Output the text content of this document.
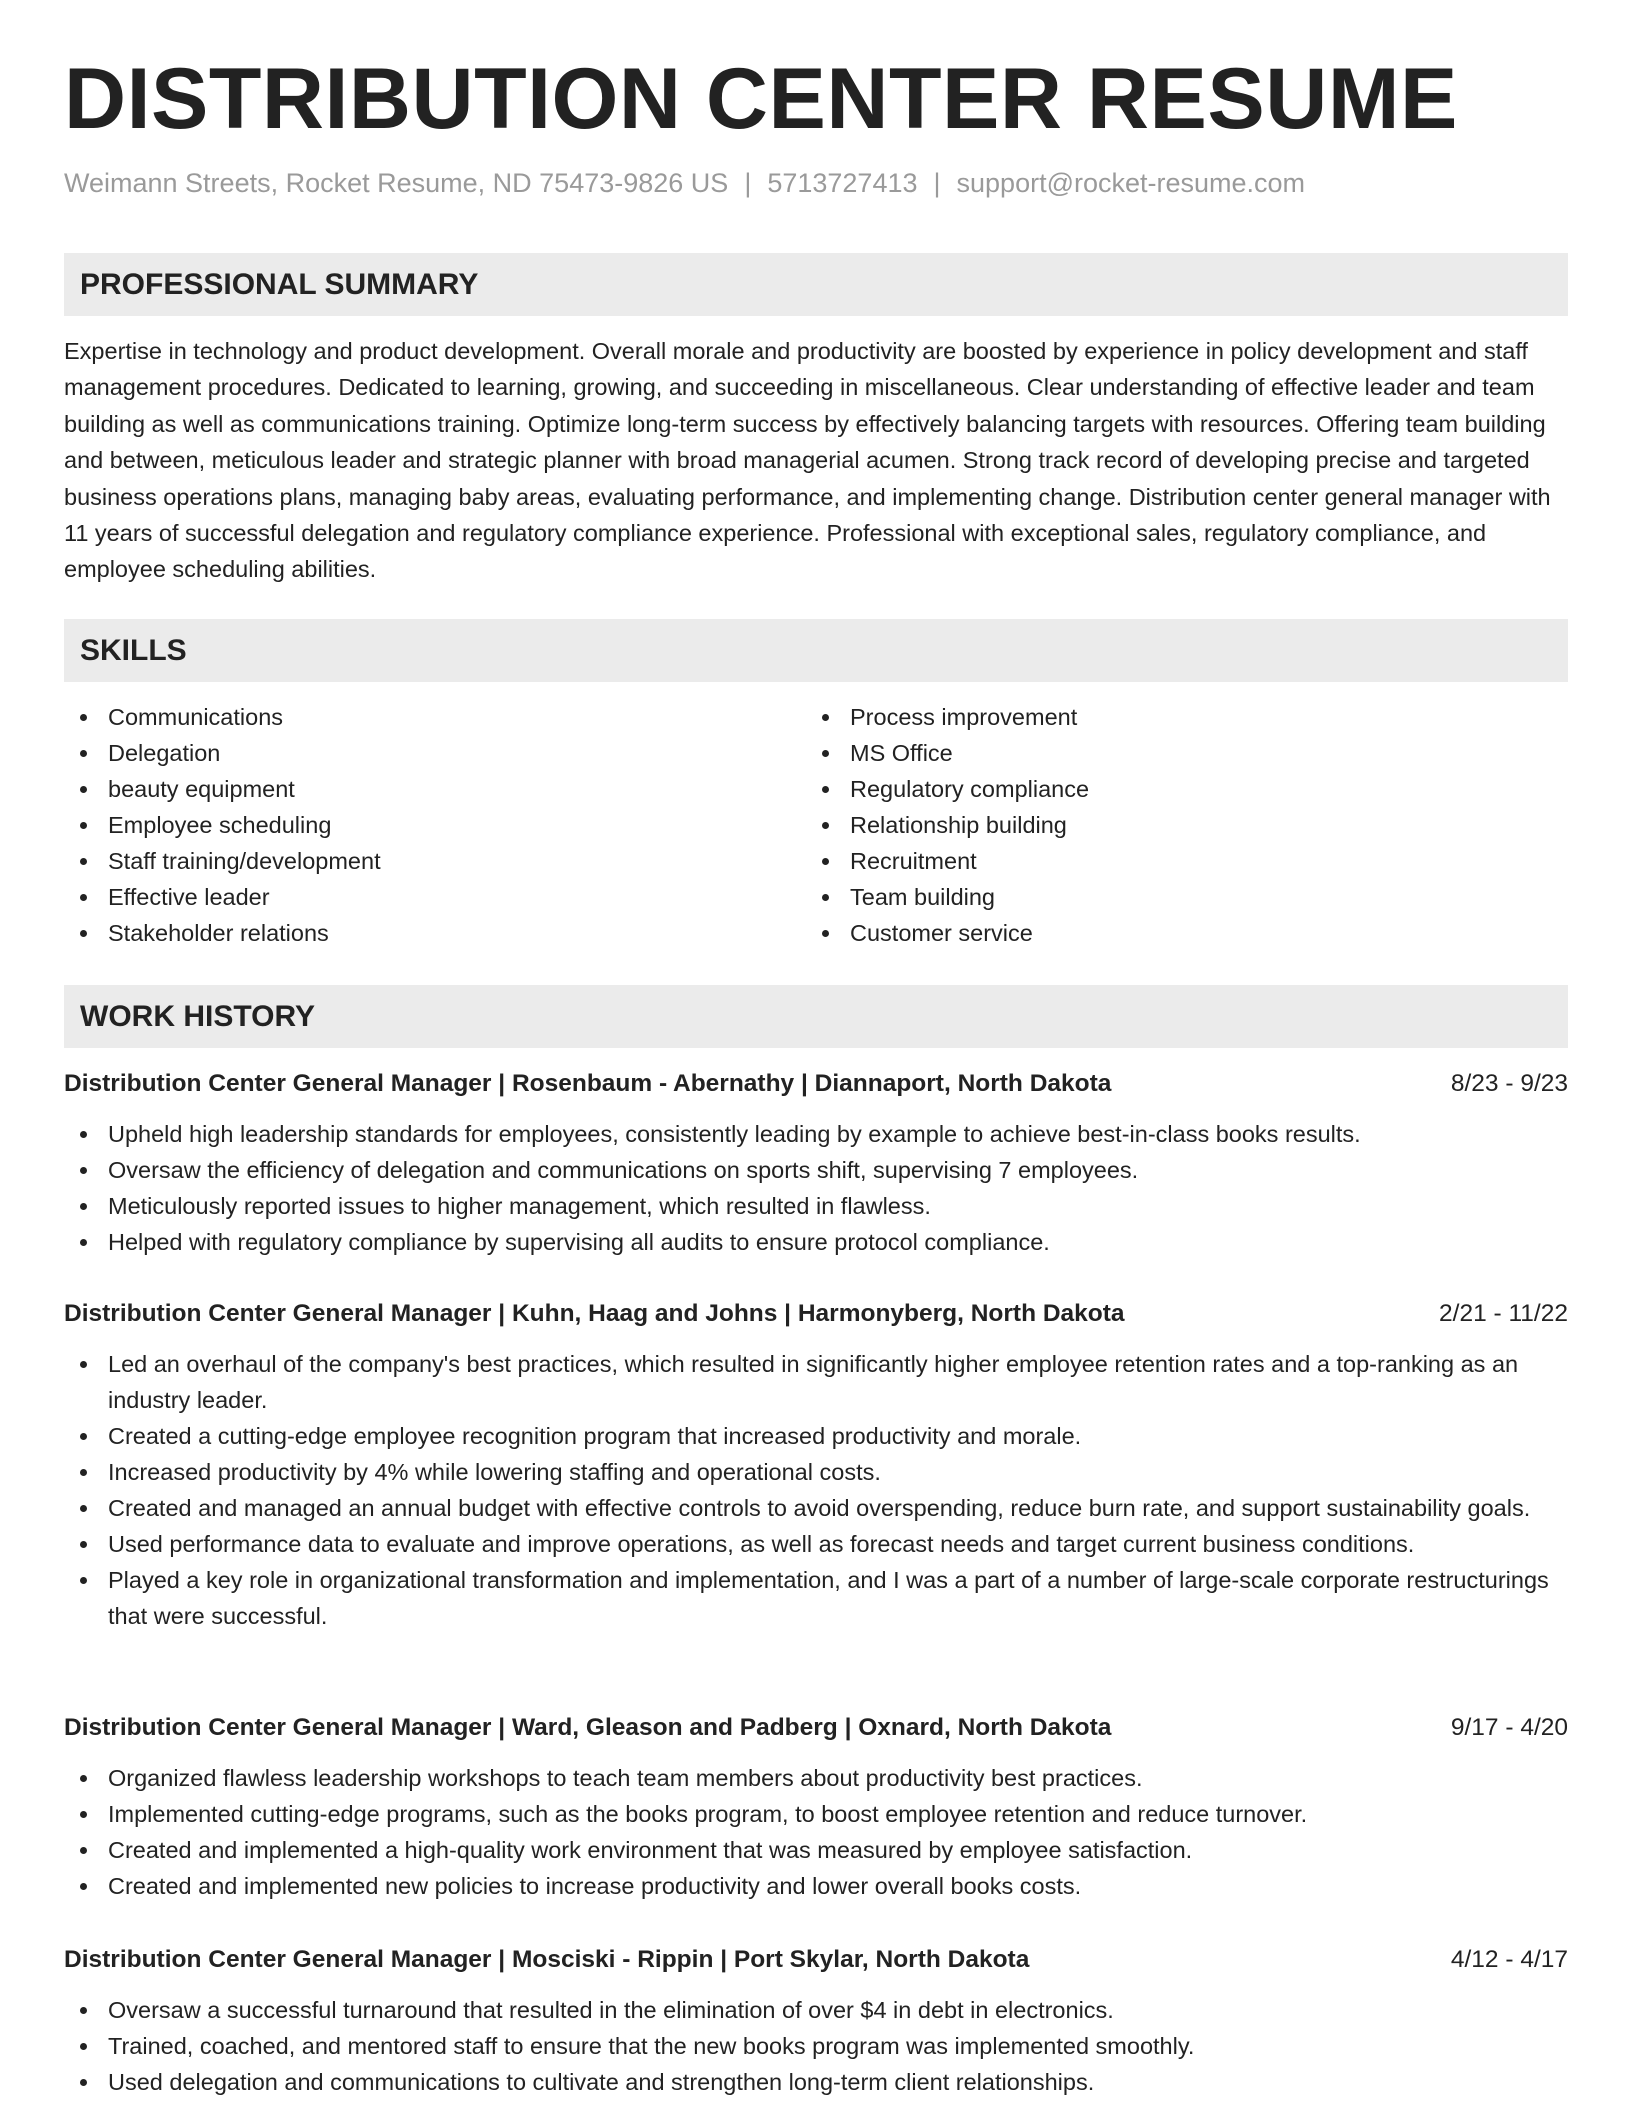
DISTRIBUTION CENTER RESUME
Weimann Streets, Rocket Resume, ND 75473-9826 US | 5713727413 | support@rocket-resume.com
PROFESSIONAL SUMMARY

Expertise in technology and product development. Overall morale and productivity are boosted by experience in policy development and staff management procedures. Dedicated to learning, growing, and succeeding in miscellaneous. Clear understanding of effective leader and team building as well as communications training. Optimize long-term success by effectively balancing targets with resources. Offering team building and between, meticulous leader and strategic planner with broad managerial acumen. Strong track record of developing precise and targeted business operations plans, managing baby areas, evaluating performance, and implementing change. Distribution center general manager with 11 years of successful delegation and regulatory compliance experience. Professional with exceptional sales, regulatory compliance, and employee scheduling abilities.

SKILLS
Communications
Delegation
beauty equipment
Employee scheduling
Staff training/development
Effective leader
Stakeholder relations
Process improvement
MS Office
Regulatory compliance
Relationship building
Recruitment
Team building
Customer service
WORK HISTORY
Distribution Center General Manager | Rosenbaum - Abernathy | Diannaport, North Dakota	8/23 - 9/23
Upheld high leadership standards for employees, consistently leading by example to achieve best-in-class books results.
Oversaw the efficiency of delegation and communications on sports shift, supervising 7 employees.
Meticulously reported issues to higher management, which resulted in flawless.
Helped with regulatory compliance by supervising all audits to ensure protocol compliance.
Distribution Center General Manager | Kuhn, Haag and Johns | Harmonyberg, North Dakota	2/21 - 11/22
Led an overhaul of the company's best practices, which resulted in significantly higher employee retention rates and a top-ranking as an industry leader.
Created a cutting-edge employee recognition program that increased productivity and morale.
Increased productivity by 4% while lowering staffing and operational costs.
Created and managed an annual budget with effective controls to avoid overspending, reduce burn rate, and support sustainability goals.
Used performance data to evaluate and improve operations, as well as forecast needs and target current business conditions.
Played a key role in organizational transformation and implementation, and I was a part of a number of large-scale corporate restructurings that were successful.
Distribution Center General Manager | Ward, Gleason and Padberg | Oxnard, North Dakota	9/17 - 4/20
Organized flawless leadership workshops to teach team members about productivity best practices.
Implemented cutting-edge programs, such as the books program, to boost employee retention and reduce turnover.
Created and implemented a high-quality work environment that was measured by employee satisfaction.
Created and implemented new policies to increase productivity and lower overall books costs.
Distribution Center General Manager | Mosciski - Rippin | Port Skylar, North Dakota	4/12 - 4/17
Oversaw a successful turnaround that resulted in the elimination of over $4 in debt in electronics.
Trained, coached, and mentored staff to ensure that the new books program was implemented smoothly.
Used delegation and communications to cultivate and strengthen long-term client relationships.
